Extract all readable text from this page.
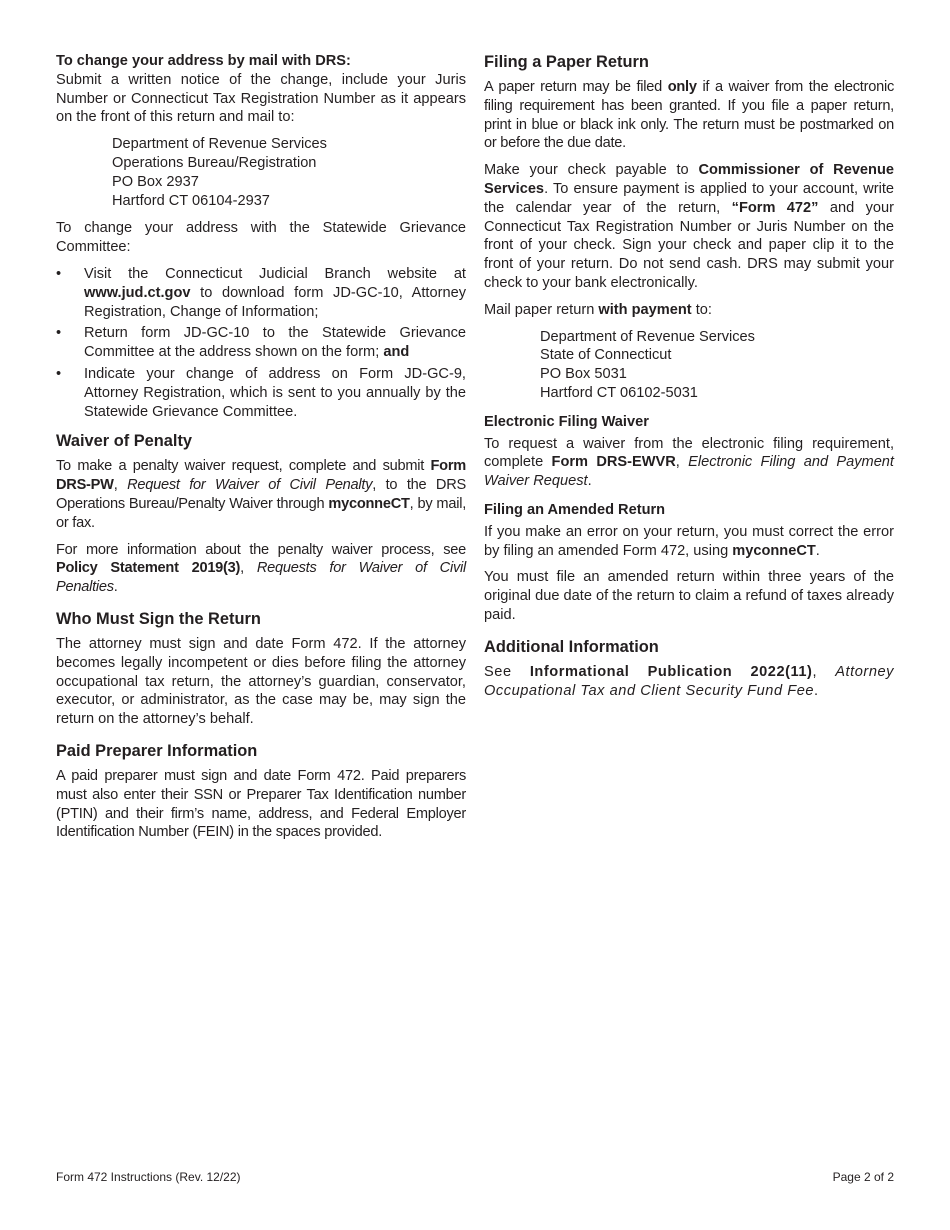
To change your address by mail with DRS:

Submit a written notice of the change, include your Juris Number or Connecticut Tax Registration Number as it appears on the front of this return and mail to:

Department of Revenue Services
Operations Bureau/Registration
PO Box 2937
Hartford CT 06104-2937

To change your address with the Statewide Grievance Committee:

• Visit the Connecticut Judicial Branch website at www.jud.ct.gov to download form JD-GC-10, Attorney Registration, Change of Information;
• Return form JD-GC-10 to the Statewide Grievance Committee at the address shown on the form; and
• Indicate your change of address on Form JD-GC-9, Attorney Registration, which is sent to you annually by the Statewide Grievance Committee.
Waiver of Penalty

To make a penalty waiver request, complete and submit Form DRS-PW, Request for Waiver of Civil Penalty, to the DRS Operations Bureau/Penalty Waiver through myconneCT, by mail, or fax.

For more information about the penalty waiver process, see Policy Statement 2019(3), Requests for Waiver of Civil Penalties.

Who Must Sign the Return

The attorney must sign and date Form 472. If the attorney becomes legally incompetent or dies before filing the attorney occupational tax return, the attorney’s guardian, conservator, executor, or administrator, as the case may be, may sign the return on the attorney’s behalf.

Paid Preparer Information

A paid preparer must sign and date Form 472. Paid preparers must also enter their SSN or Preparer Tax Identification number (PTIN) and their firm’s name, address, and Federal Employer Identification Number (FEIN) in the spaces provided.

Filing a Paper Return

A paper return may be filed only if a waiver from the electronic filing requirement has been granted. If you file a paper return, print in blue or black ink only. The return must be postmarked on or before the due date.

Make your check payable to Commissioner of Revenue Services. To ensure payment is applied to your account, write the calendar year of the return, “Form 472” and your Connecticut Tax Registration Number or Juris Number on the front of your check. Sign your check and paper clip it to the front of your return. Do not send cash. DRS may submit your check to your bank electronically.

Mail paper return with payment to:

Department of Revenue Services
State of Connecticut
PO Box 5031
Hartford CT 06102-5031
Electronic Filing Waiver

To request a waiver from the electronic filing requirement, complete Form DRS-EWVR, Electronic Filing and Payment Waiver Request.

Filing an Amended Return

If you make an error on your return, you must correct the error by filing an amended Form 472, using myconneCT.

You must file an amended return within three years of the original due date of the return to claim a refund of taxes already paid.

Additional Information

See Informational Publication 2022(11), Attorney Occupational Tax and Client Security Fund Fee.

Form 472 Instructions (Rev. 12/22)	Page 2 of 2
